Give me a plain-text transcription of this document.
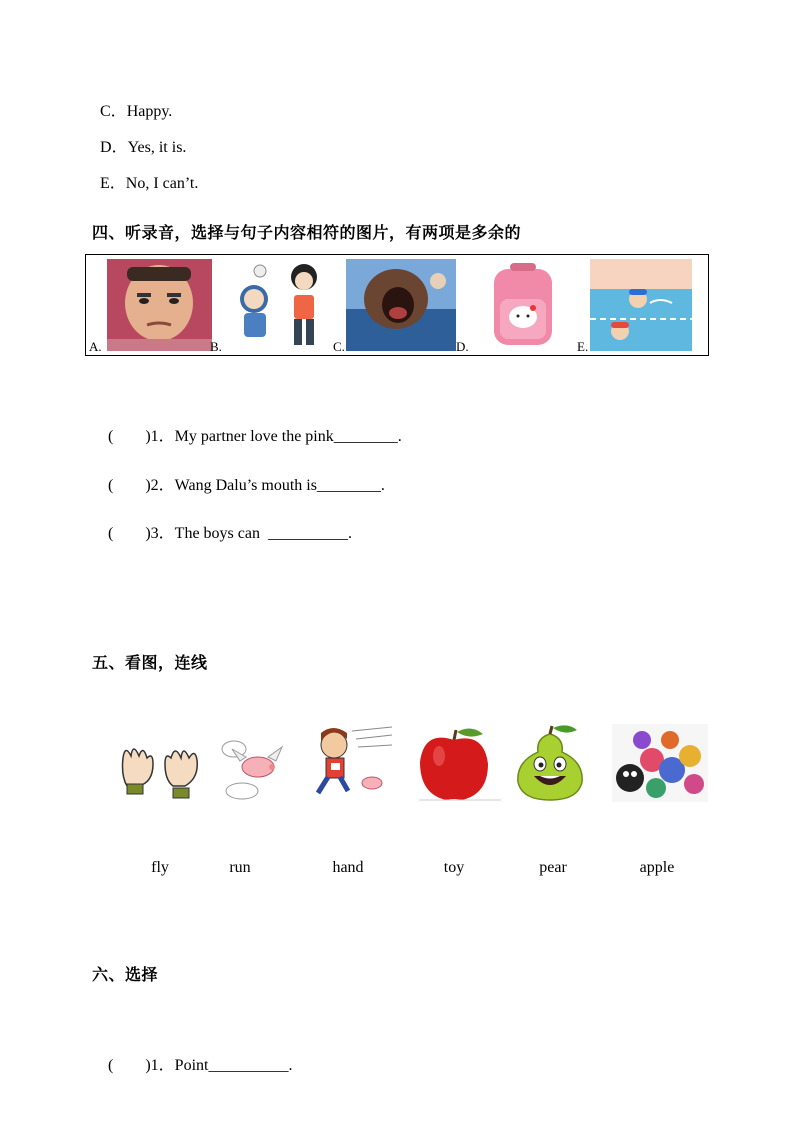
C．Happy.

D．Yes, it is.

E．No, I can’t.

四、听录音，选择与句子内容相符的图片，有两项是多余的
A.	B.	C.	D.	E.

(　　)1．My partner love the pink________.

(　　)2．Wang Dalu’s mouth is________.

(　　)3．The boys can  __________.

五、看图，连线
fly	run	hand	toy	pear	apple
六、选择

(　　)1．Point__________.
